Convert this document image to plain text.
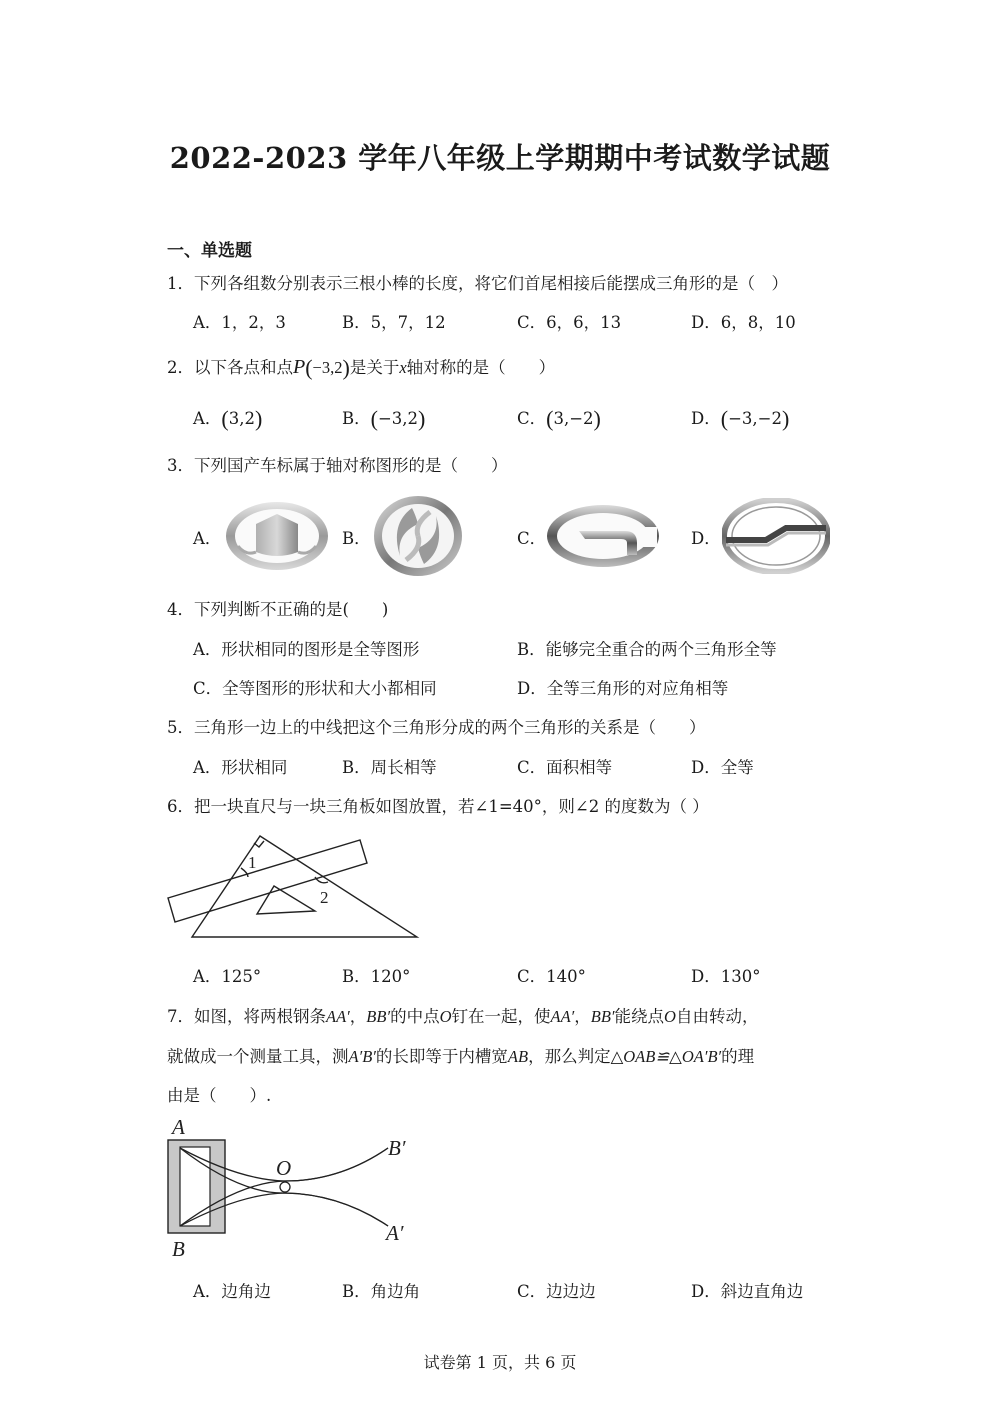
2022-2023 学年八年级上学期期中考试数学试题
一、单选题
1．下列各组数分别表示三根小棒的长度，将它们首尾相接后能摆成三角形的是（　）
A．1，2，3	B．5，7，12	C．6，6，13	D．6，8，10
2．以下各点和点P(−3,2)是关于x轴对称的是（　　）
A．(3,2)	B．(−3,2)	C．(3,−2)	D．(−3,−2)
3．下列国产车标属于轴对称图形的是（　　）
A．	B．	C．	D．
4．下列判断不正确的是(　　)
A．形状相同的图形是全等图形	B．能够完全重合的两个三角形全等
C．全等图形的形状和大小都相同	D．全等三角形的对应角相等
5．三角形一边上的中线把这个三角形分成的两个三角形的关系是（　　）
A．形状相同	B．周长相等	C．面积相等	D．全等
6．把一块直尺与一块三角板如图放置，若∠1=40°，则∠2 的度数为（ ）
1
2
A．125°	B．120°	C．140°	D．130°
7．如图，将两根钢条AA′，BB′的中点O钉在一起，使AA′，BB′能绕点O自由转动，
就做成一个测量工具，测A′B′的长即等于内槽宽AB，那么判定△OAB≌△OA′B′的理
由是（　　）.
A
B
O
B′
A′
A．边角边	B．角边角	C．边边边	D．斜边直角边
试卷第 1 页，共 6 页
